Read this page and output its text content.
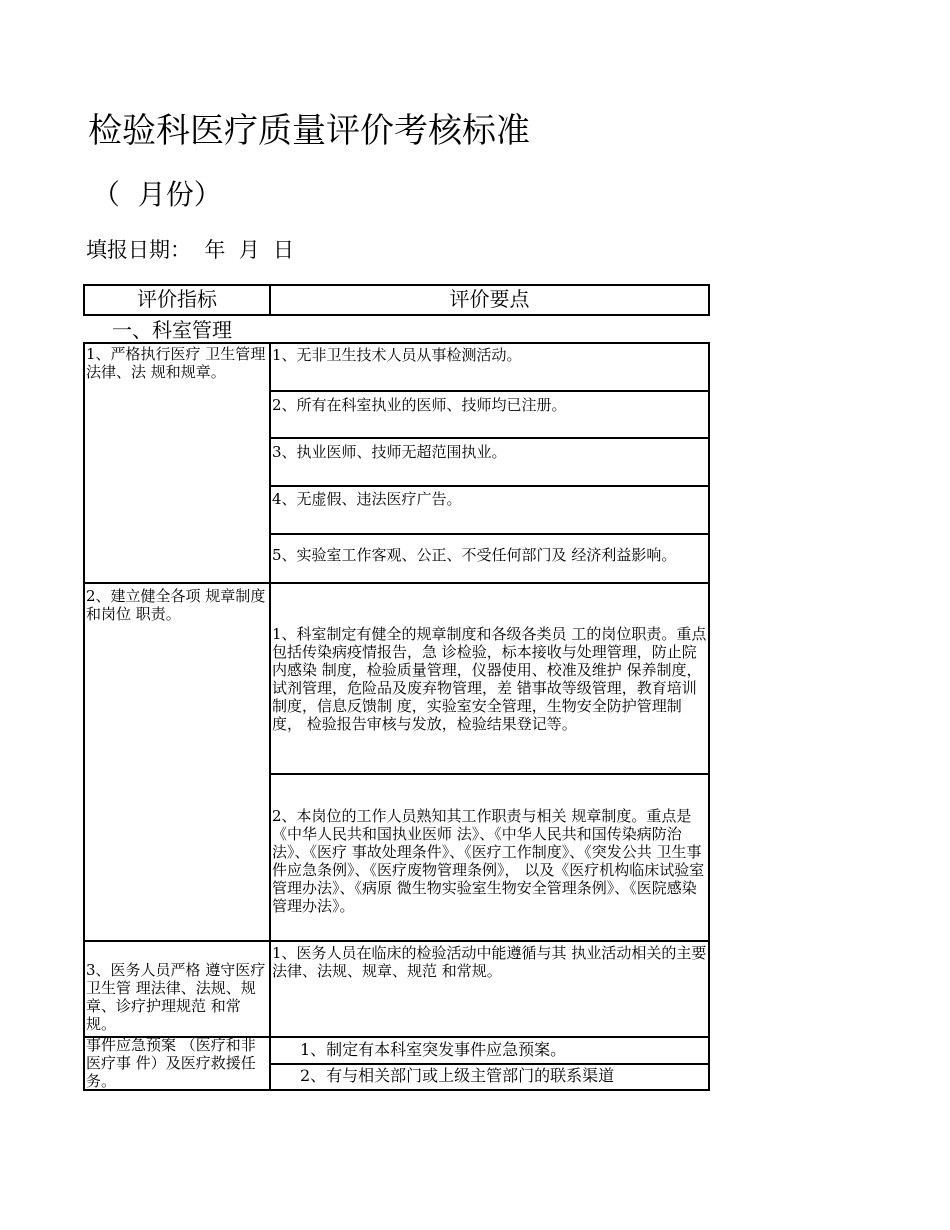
检验科医疗质量评价考核标准
（  月份）
填报日期：  年  月  日
评价指标	评价要点
一、科室管理
1、严格执行医疗 卫生管理法律、法 规和规章。
2、建立健全各项 规章制度和岗位 职责。
3、医务人员严格 遵守医疗卫生管 理法律、法规、规 章、诊疗护理规范 和常规。
事件应急预案 （医疗和非医疗事 件）及医疗救援任 务。
1、无非卫生技术人员从事检测活动。
2、所有在科室执业的医师、技师均已注册。
3、执业医师、技师无超范围执业。
4、无虚假、违法医疗广告。
5、实验室工作客观、公正、不受任何部门及 经济利益影响。
1、科室制定有健全的规章制度和各级各类员 工的岗位职责。重点包括传染病疫情报告，急 诊检验，标本接收与处理管理，防止院内感染 制度，检验质量管理，仪器使用、校准及维护 保养制度，试剂管理，危险品及废弃物管理，差 错事故等级管理，教育培训制度，信息反馈制 度，实验室安全管理，生物安全防护管理制度， 检验报告审核与发放，检验结果登记等。
2、本岗位的工作人员熟知其工作职责与相关 规章制度。重点是《中华人民共和国执业医师 法》、《中华人民共和国传染病防治法》、《医疗 事故处理条件》、《医疗工作制度》、《突发公共 卫生事件应急条例》、《医疗废物管理条例》， 以及《医疗机构临床试验室管理办法》、《病原 微生物实验室生物安全管理条例》、《医院感染 管理办法》。
1、医务人员在临床的检验活动中能遵循与其 执业活动相关的主要法律、法规、规章、规范 和常规。
1、制定有本科室突发事件应急预案。
2、有与相关部门或上级主管部门的联系渠道
